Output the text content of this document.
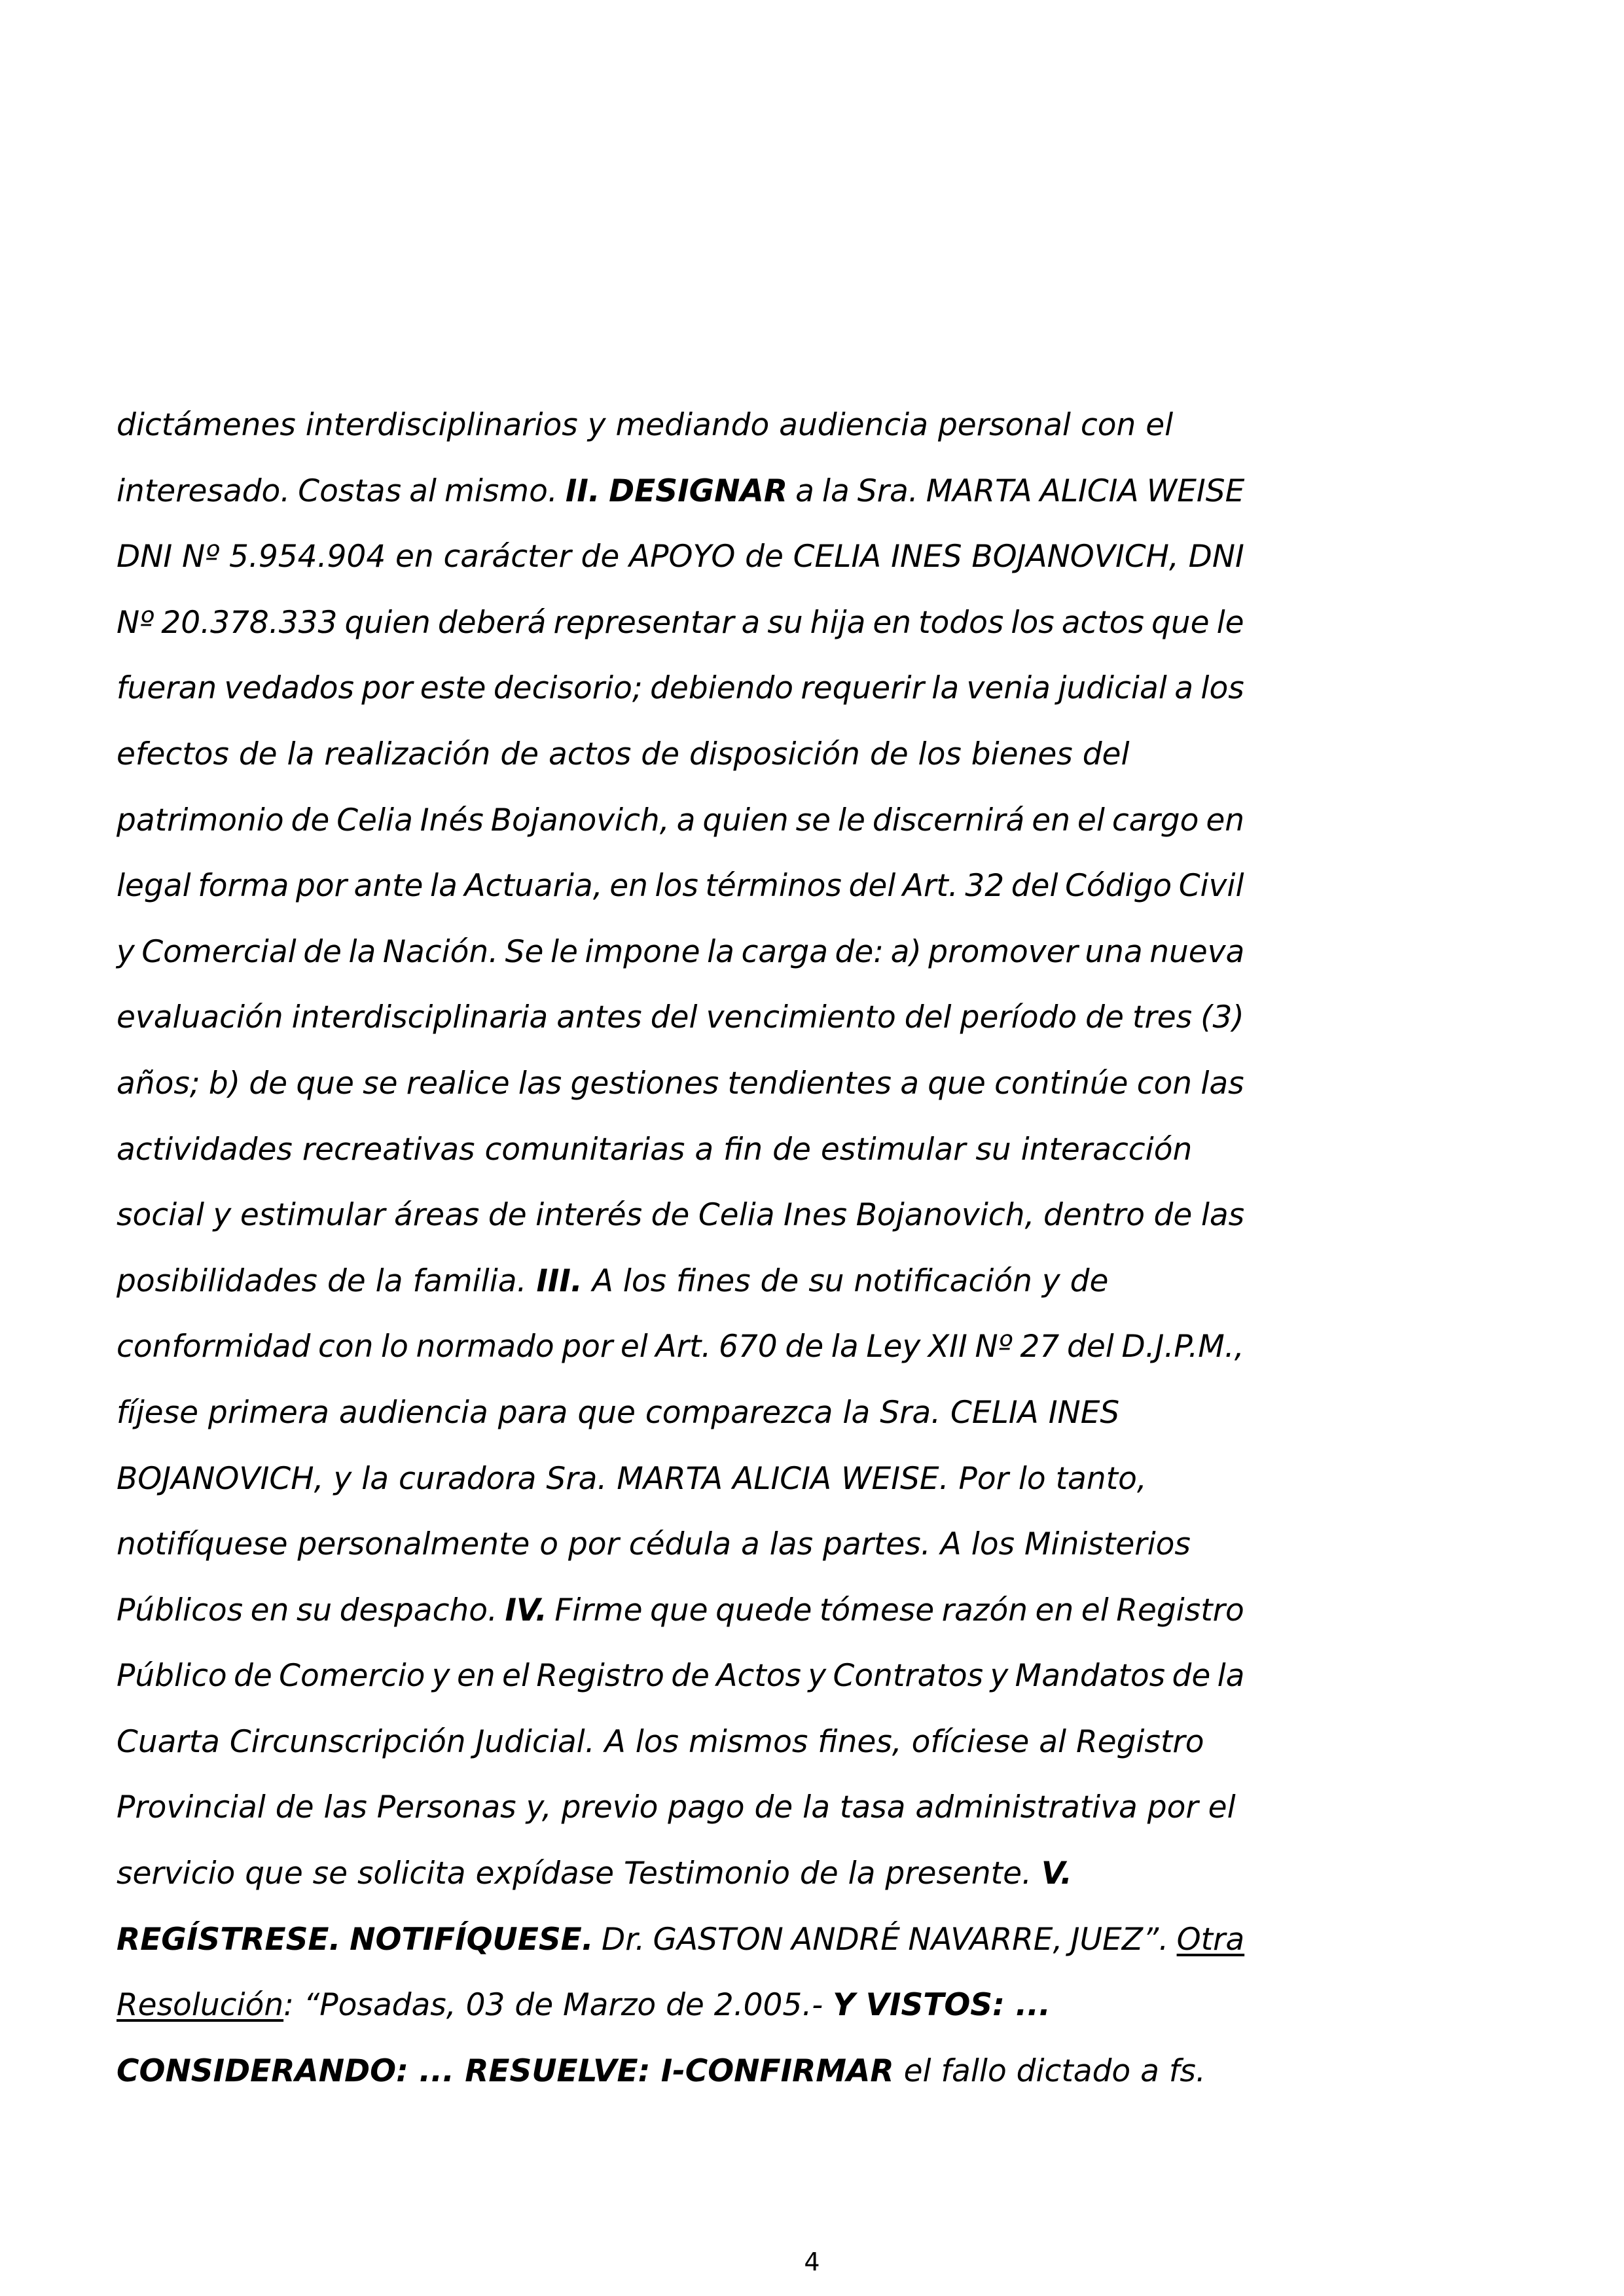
dictámenes interdisciplinarios y mediando audiencia personal con el
interesado. Costas al mismo. II. DESIGNAR a la Sra. MARTA ALICIA WEISE
DNI Nº 5.954.904 en carácter de APOYO de CELIA INES BOJANOVICH, DNI
Nº 20.378.333 quien deberá representar a su hija en todos los actos que le
fueran vedados por este decisorio; debiendo requerir la venia judicial a los
efectos de la realización de actos de disposición de los bienes del
patrimonio de Celia Inés Bojanovich, a quien se le discernirá en el cargo en
legal forma por ante la Actuaria, en los términos del Art. 32 del Código Civil
y Comercial de la Nación. Se le impone la carga de: a) promover una nueva
evaluación interdisciplinaria antes del vencimiento del período de tres (3)
años; b) de que se realice las gestiones tendientes a que continúe con las
actividades recreativas comunitarias a fin de estimular su interacción
social y estimular áreas de interés de Celia Ines Bojanovich, dentro de las
posibilidades de la familia. III. A los fines de su notificación y de
conformidad con lo normado por el Art. 670 de la Ley XII Nº 27 del D.J.P.M.,
fíjese primera audiencia para que comparezca la Sra. CELIA INES
BOJANOVICH, y la curadora Sra. MARTA ALICIA WEISE. Por lo tanto,
notifíquese personalmente o por cédula a las partes. A los Ministerios
Públicos en su despacho. IV. Firme que quede tómese razón en el Registro
Público de Comercio y en el Registro de Actos y Contratos y Mandatos de la
Cuarta Circunscripción Judicial. A los mismos fines, ofíciese al Registro
Provincial de las Personas y, previo pago de la tasa administrativa por el
servicio que se solicita expídase Testimonio de la presente. V.
REGÍSTRESE. NOTIFÍQUESE. Dr. GASTON ANDRÉ NAVARRE, JUEZ”. Otra
Resolución: “Posadas, 03 de Marzo de 2.005.- Y VISTOS: ...
CONSIDERANDO: ... RESUELVE: I-CONFIRMAR el fallo dictado a fs.
4
